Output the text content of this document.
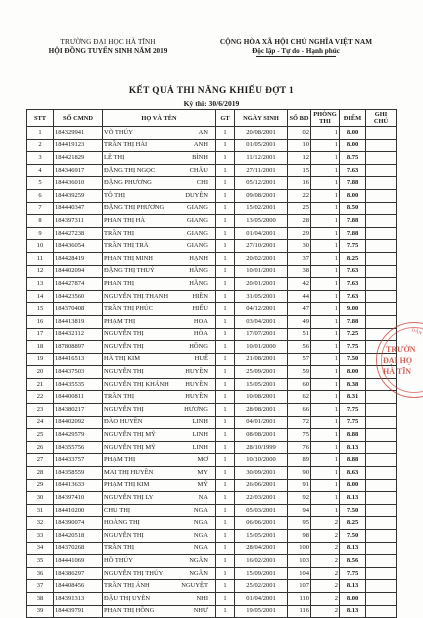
TRƯỜNG ĐẠI HỌC HÀ TĨNH
HỘI ĐỒNG TUYỂN SINH NĂM 2019
CỘNG HÒA XÃ HỘI CHỦ NGHĨA VIỆT NAM
Độc lập - Tự do - Hạnh phúc
KẾT QUẢ THI NĂNG KHIẾU ĐỢT 1
Kỳ thi: 30/6/2019
STT	SỐ CMND	HỌ VÀ TÊN	GT	NGÀY SINH	SỐ BD	PHÒNG THI	ĐIỂM	GHI CHÚ
1	184329941	VÕ THÚY AN	1	20/08/2001	02	1	8.00	
2	184419123	TRẦN THỊ HẢI ANH	1	01/05/2001	10	1	8.00	
3	184421829	LÊ THỊ BÌNH	1	11/12/2001	12	1	8.75	
4	184346917	ĐẶNG THỊ NGỌC CHÂU	1	27/11/2001	15	1	7.63	
5	184436010	ĐẶNG PHƯƠNG CHI	1	05/12/2001	16	1	7.88	
6	184439259	TÔ THỊ DUYÊN	1	09/08/2001	22	1	8.00	
7	184440347	ĐẶNG THỊ PHƯƠNG GIANG	1	15/02/2001	25	1	8.50	
8	184397311	PHAN THỊ HÀ GIANG	1	13/05/2000	28	1	7.88	
9	184427238	TRẦN THỊ GIANG	1	01/04/2001	29	1	7.88	
10	184436054	TRẦN THỊ TRÀ GIANG	1	27/10/2001	30	1	7.75	
11	184428419	PHAN THỊ MINH HẠNH	1	20/02/2001	37	1	8.25	
12	184402094	ĐẶNG THỊ THUÝ HẰNG	1	10/01/2001	38	1	7.63	
13	184427874	PHAN THỊ HẰNG	1	20/01/2001	42	1	7.63	
14	184423560	NGUYỄN THỊ THANH HIỀN	1	31/05/2001	44	1	7.63	
15	184370408	TRẦN THỊ PHÚC HIẾU	1	04/12/2001	47	1	9.00	
16	184413819	PHẠM THỊ HOA	1	03/04/2001	49	1	7.88	
17	184432112	NGUYỄN THỊ HÒA	1	17/07/2001	51	1	7.25	
18	187808897	NGUYỄN THỊ HỒNG	1	10/01/2000	56	1	7.75	
19	184416513	HÀ THỊ KIM HUẾ	1	21/08/2001	57	1	7.50	
20	184437503	NGUYỄN THỊ HUYỀN	1	25/09/2001	59	1	8.00	
21	184435535	NGUYỄN THỊ KHÁNH HUYỀN	1	15/05/2001	60	1	8.38	
22	184400811	TRẦN THỊ HUYỀN	1	10/08/2001	62	1	8.31	
23	184380217	NGUYỄN THỊ HƯƠNG	1	28/08/2001	66	1	7.75	
24	184402092	ĐÀO HUYỀN LINH	1	04/01/2001	72	1	7.75	
25	184429579	NGUYỄN THỊ MỸ LINH	1	08/08/2001	75	1	8.88	
26	184355756	NGUYỄN THỊ MỸ LINH	1	28/10/1999	76	1	8.13	
27	184433757	PHẠM THỊ MƠ	1	10/10/2000	89	1	8.88	
28	184358559	MAI THỊ HUYỀN MY	1	30/09/2001	90	1	8.63	
29	184413633	PHẠM THỊ KIM MỸ	1	26/06/2001	91	1	8.00	
30	184397410	NGUYỄN THỊ LY NA	1	22/03/2001	92	1	8.13	
31	184410200	CHU THỊ NGA	1	05/03/2001	94	1	7.50	
32	184390074	HOÀNG THỊ NGA	1	06/06/2001	95	2	8.25	
33	184420518	NGUYỄN THỊ NGA	1	15/05/2001	98	2	7.50	
34	184370268	TRẦN THỊ NGA	1	28/04/2001	100	2	8.13	
35	184441069	HỒ THÚY NGÂN	1	16/02/2001	103	2	8.56	
36	184386297	NGUYỄN THỊ THÚY NGÂN	1	15/09/2001	104	2	7.75	
37	184408456	TRẦN THỊ ÁNH NGUYỆT	1	25/02/2001	107	2	8.13	
38	184391313	ĐẬU THỊ UYÊN NHI	1	01/04/2001	110	2	8.00	
39	184439791	PHAN THỊ HỒNG NHƯ	1	19/05/2001	116	2	8.13	
DẪN
TRƯỜN
ĐẠI HỌ
HÀ TĨN
